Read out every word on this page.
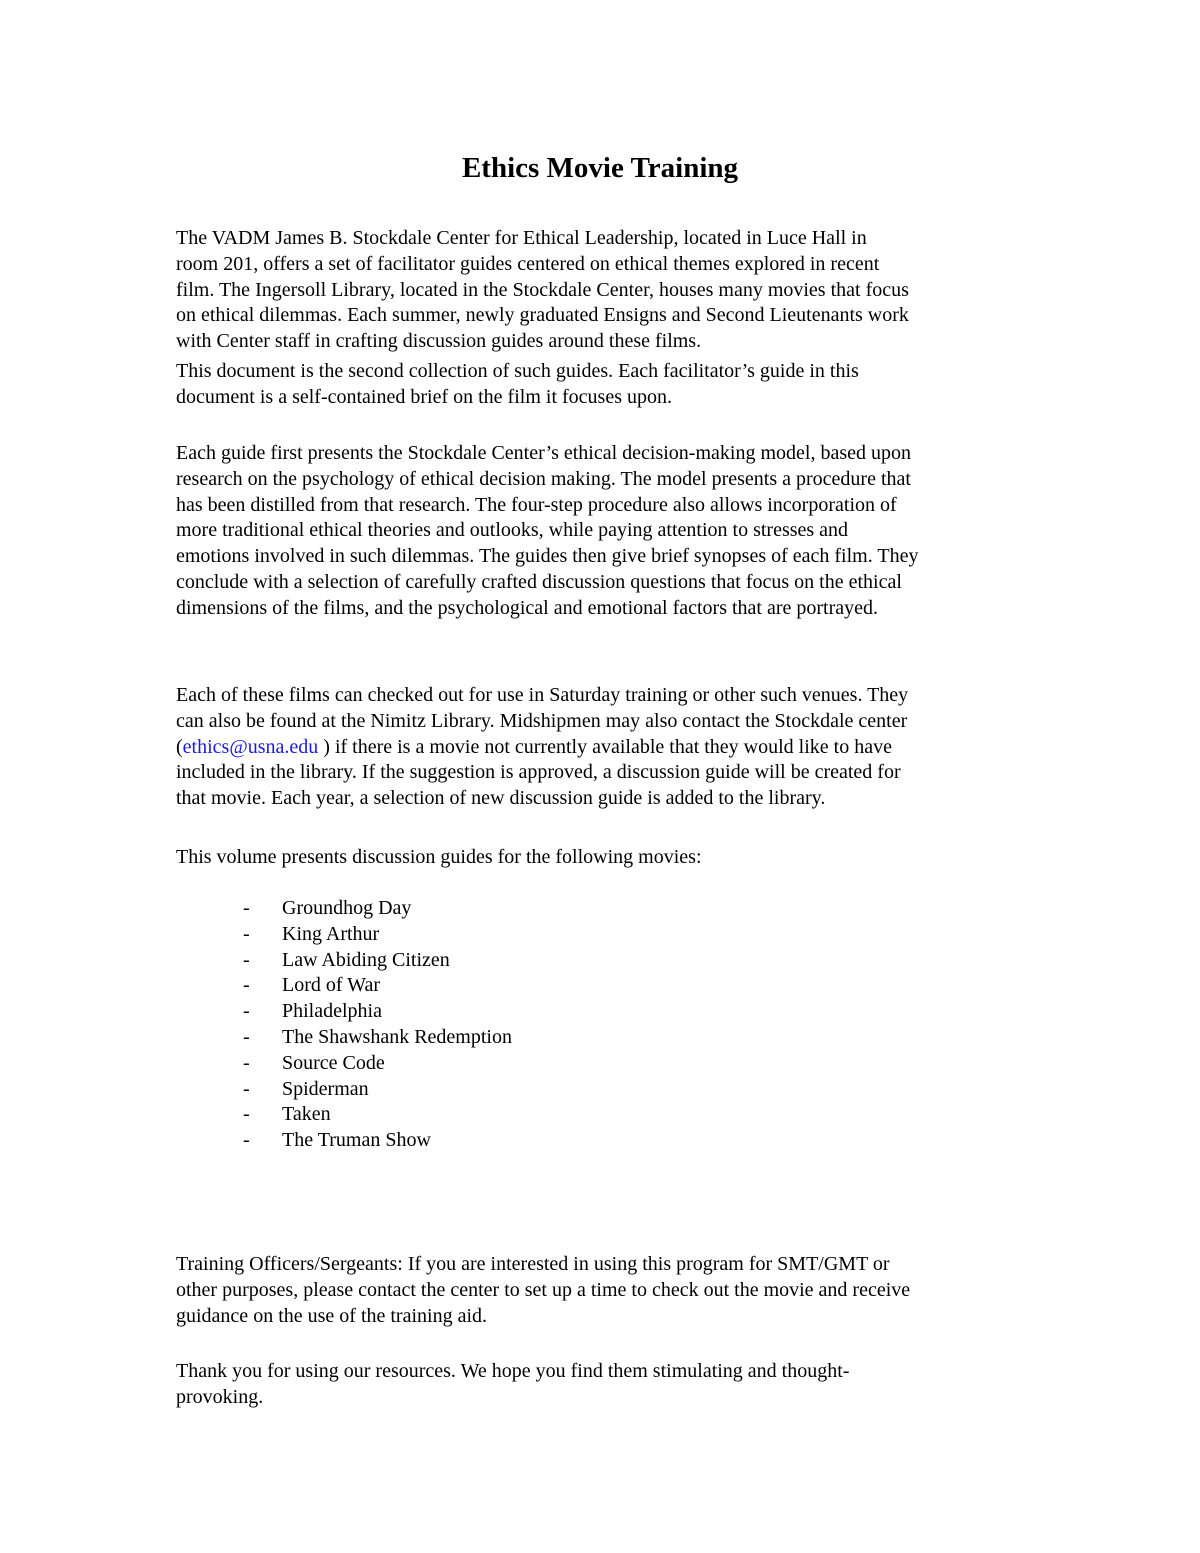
Ethics Movie Training

The VADM James B. Stockdale Center for Ethical Leadership, located in Luce Hall in
room 201, offers a set of facilitator guides centered on ethical themes explored in recent
film. The Ingersoll Library, located in the Stockdale Center, houses many movies that focus
on ethical dilemmas. Each summer, newly graduated Ensigns and Second Lieutenants work
with Center staff in crafting discussion guides around these films.

This document is the second collection of such guides. Each facilitator’s guide in this
document is a self-contained brief on the film it focuses upon.

Each guide first presents the Stockdale Center’s ethical decision-making model, based upon
research on the psychology of ethical decision making. The model presents a procedure that
has been distilled from that research. The four-step procedure also allows incorporation of
more traditional ethical theories and outlooks, while paying attention to stresses and
emotions involved in such dilemmas. The guides then give brief synopses of each film. They
conclude with a selection of carefully crafted discussion questions that focus on the ethical
dimensions of the films, and the psychological and emotional factors that are portrayed.

Each of these films can checked out for use in Saturday training or other such venues. They
can also be found at the Nimitz Library. Midshipmen may also contact the Stockdale center
(ethics@usna.edu ) if there is a movie not currently available that they would like to have
included in the library. If the suggestion is approved, a discussion guide will be created for
that movie. Each year, a selection of new discussion guide is added to the library.

This volume presents discussion guides for the following movies:

- Groundhog Day
- King Arthur
- Law Abiding Citizen
- Lord of War
- Philadelphia
- The Shawshank Redemption
- Source Code
- Spiderman
- Taken
- The Truman Show

Training Officers/Sergeants: If you are interested in using this program for SMT/GMT or
other purposes, please contact the center to set up a time to check out the movie and receive
guidance on the use of the training aid.

Thank you for using our resources. We hope you find them stimulating and thought-
provoking.
